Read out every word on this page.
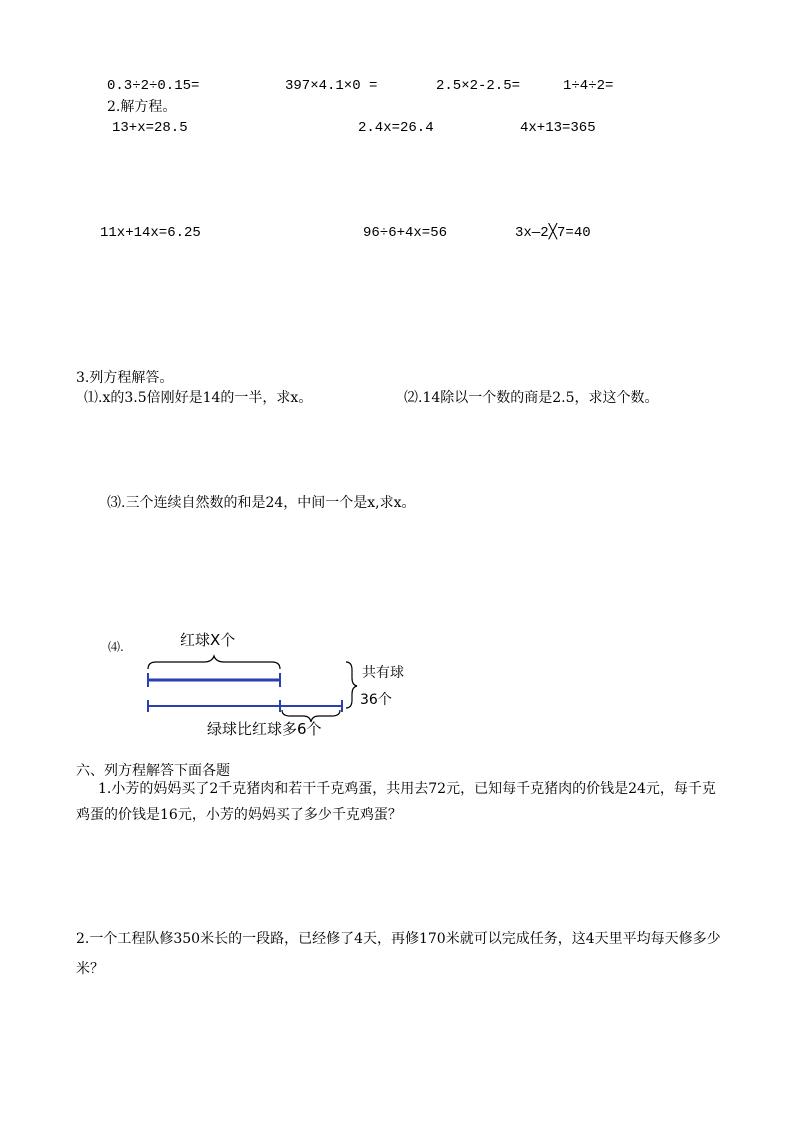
0.3÷2÷0.15=	397×4.1×0 =	2.5×2-2.5=	1÷4÷2=
2.解方程。
13+x=28.5	2.4x=26.4	4x+13=365
11x+14x=6.25	96÷6+4x=56	3x—2╳7=40
3.列方程解答。
⑴.x的3.5倍刚好是14的一半，求x。	⑵.14除以一个数的商是2.5，求这个数。
⑶.三个连续自然数的和是24，中间一个是x,求x。
⑷.	红球X个
共有球
36个
绿球比红球多6个
六、列方程解答下面各题
1.小芳的妈妈买了2千克猪肉和若干千克鸡蛋，共用去72元，已知每千克猪肉的价钱是24元，每千克鸡蛋的价钱是16元，小芳的妈妈买了多少千克鸡蛋？
2.一个工程队修350米长的一段路，已经修了4天，再修170米就可以完成任务，这4天里平均每天修多少米？
